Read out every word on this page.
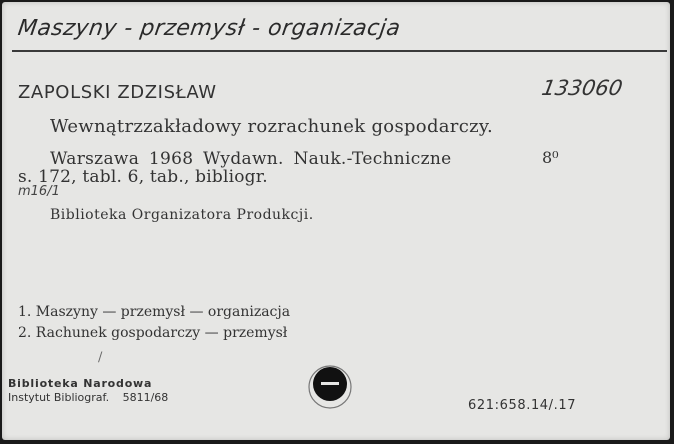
Maszyny - przemysł - organizacja
ZAPOLSKI ZDZISŁAW	133060
Wewnątrzzakładowy rozrachunek gospodarczy.
Warszawa 1968 Wydawn. Nauk.-Techniczne	8⁰
s. 172, tabl. 6, tab., bibliogr.
m16/1
Biblioteka Organizatora Produkcji.
/
1. Maszyny — przemysł — organizacja
2. Rachunek gospodarczy — przemysł
Biblioteka Narodowa
Instytut Bibliograf. 5811/68
621:658.14/.17
